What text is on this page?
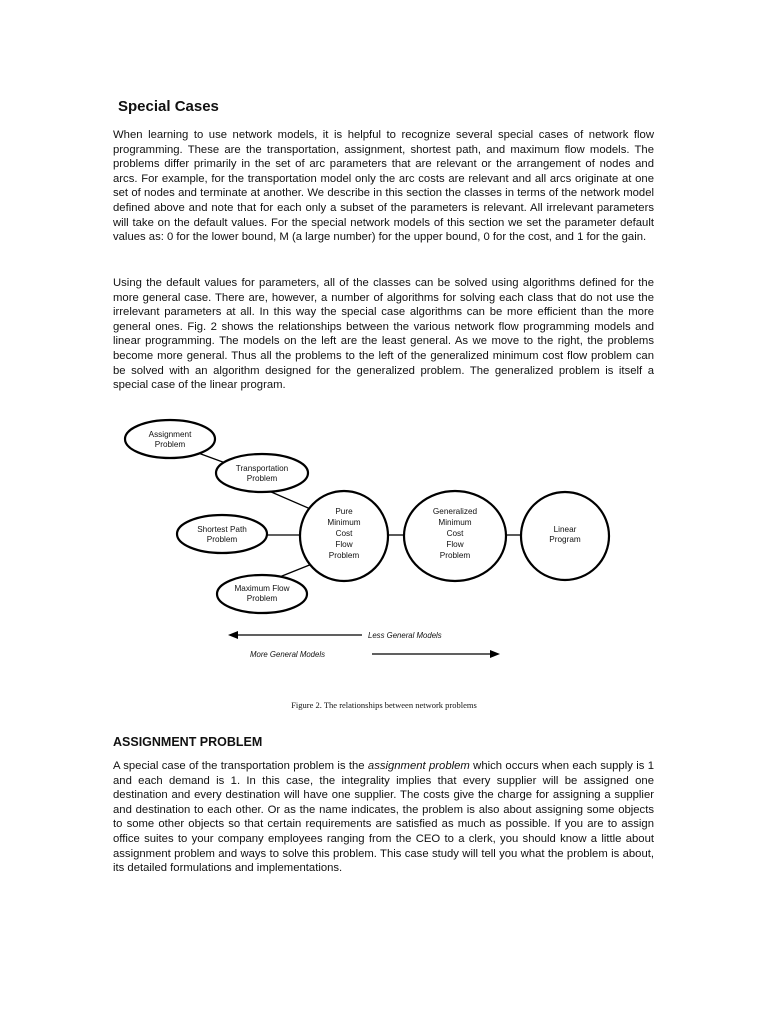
Special Cases

When learning to use network models, it is helpful to recognize several special cases of network flow programming. These are the transportation, assignment, shortest path, and maximum flow models. The problems differ primarily in the set of arc parameters that are relevant or the arrangement of nodes and arcs. For example, for the transportation model only the arc costs are relevant and all arcs originate at one set of nodes and terminate at another. We describe in this section the classes in terms of the network model defined above and note that for each only a subset of the parameters is relevant. All irrelevant parameters will take on the default values. For the special network models of this section we set the parameter default values as: 0 for the lower bound, M (a large number) for the upper bound, 0 for the cost, and 1 for the gain.

Using the default values for parameters, all of the classes can be solved using algorithms defined for the more general case. There are, however, a number of algorithms for solving each class that do not use the irrelevant parameters at all. In this way the special case algorithms can be more efficient than the more general ones. Fig. 2 shows the relationships between the various network flow programming models and linear programming. The models on the left are the least general. As we move to the right, the problems become more general. Thus all the problems to the left of the generalized minimum cost flow problem can be solved with an algorithm designed for the generalized problem. The generalized problem is itself a special case of the linear program.

Assignment
Problem
Transportation
Problem
Shortest Path
Problem
Maximum Flow
Problem
Pure
Minimum
Cost
Flow
Problem
Generalized
Minimum
Cost
Flow
Problem
Linear
Program
Less General Models
More General Models
Figure 2. The relationships between network problems
ASSIGNMENT PROBLEM

A special case of the transportation problem is the assignment problem which occurs when each supply is 1 and each demand is 1. In this case, the integrality implies that every supplier will be assigned one destination and every destination will have one supplier. The costs give the charge for assigning a supplier and destination to each other. Or as the name indicates, the problem is also about assigning some objects to some other objects so that certain requirements are satisfied as much as possible. If you are to assign office suites to your company employees ranging from the CEO to a clerk, you should know a little about assignment problem and ways to solve this problem. This case study will tell you what the problem is about, its detailed formulations and implementations.
